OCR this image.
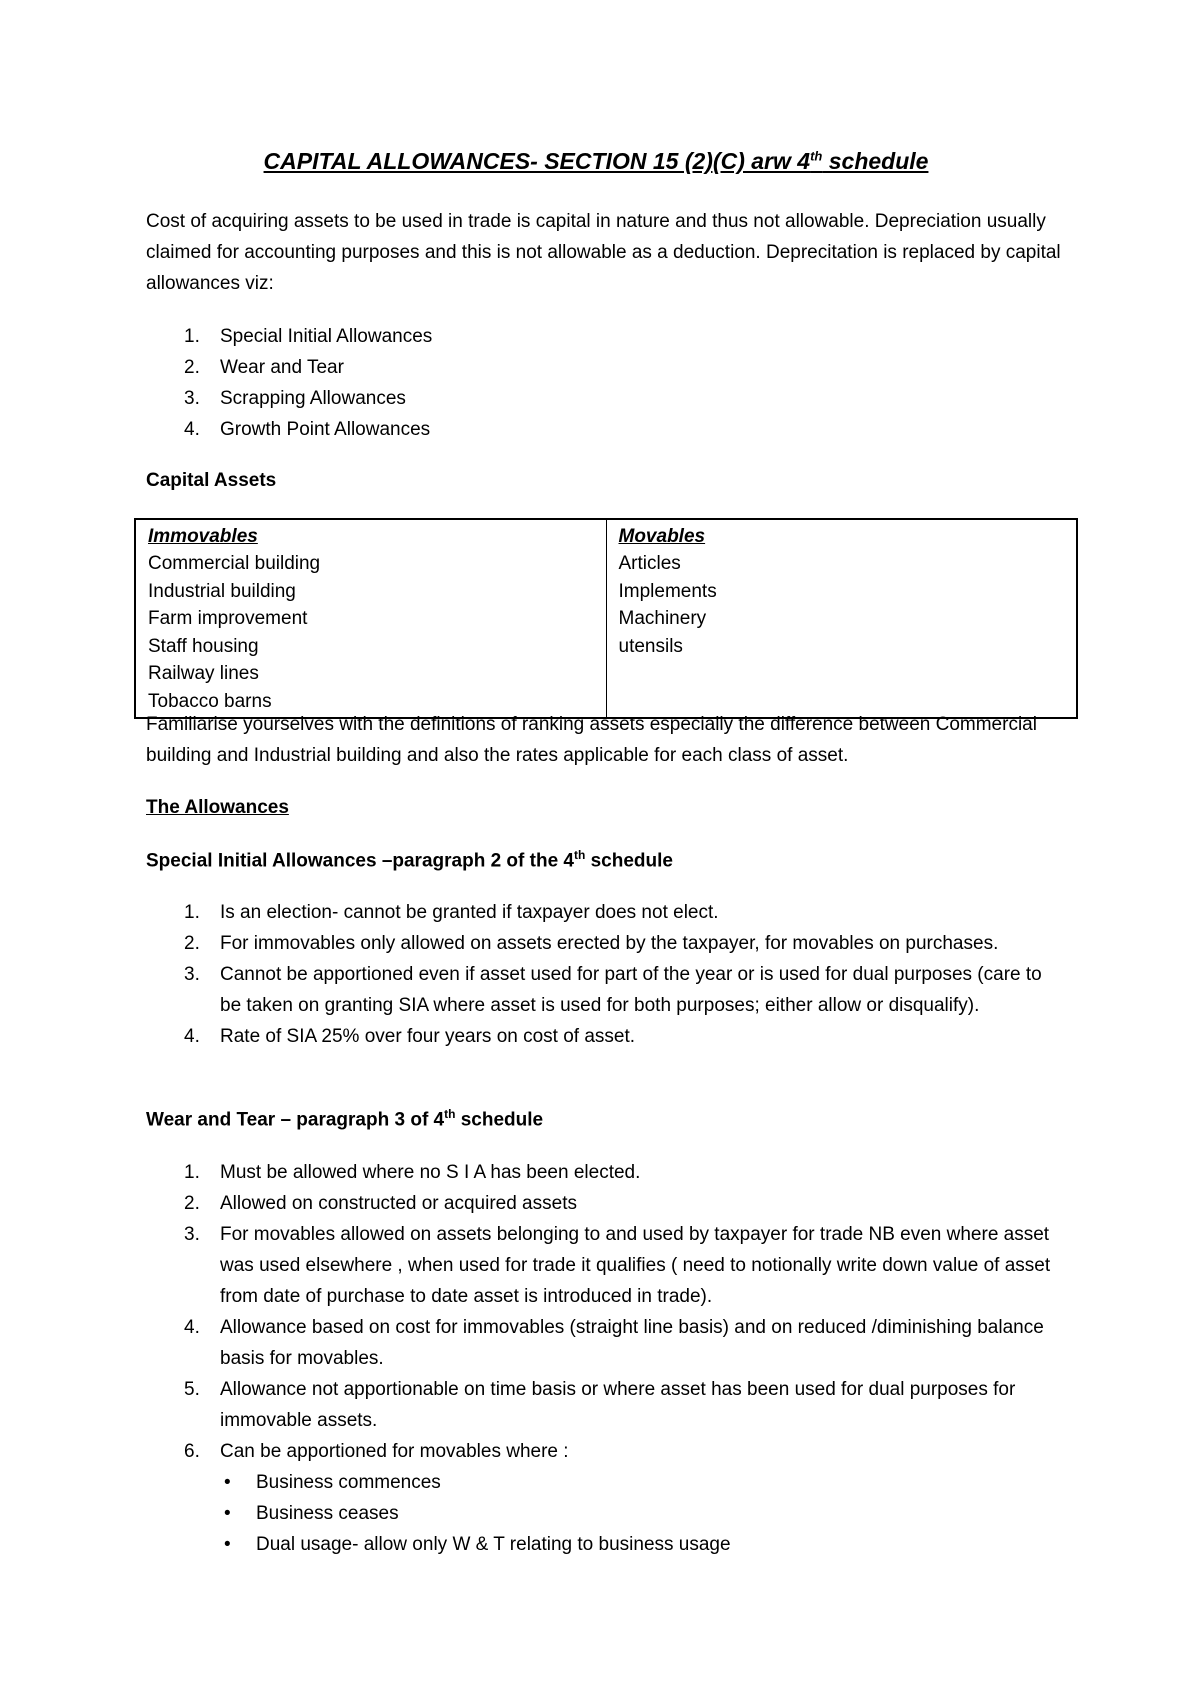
CAPITAL ALLOWANCES- SECTION 15 (2)(C) arw 4th schedule
Cost of acquiring assets to be used in trade is capital in nature and thus not allowable. Depreciation usually claimed for accounting purposes and this is not allowable as a deduction. Deprecitation is replaced by capital allowances viz:
1. Special Initial Allowances
2. Wear and Tear
3. Scrapping Allowances
4. Growth Point Allowances
Capital Assets
Immovables
Commercial building
Industrial building
Farm improvement
Staff housing
Railway lines
Tobacco barns

Movables
Articles
Implements
Machinery
utensils
Familiarise yourselves with the definitions of ranking assets especially the difference between Commercial building and Industrial building and also the rates applicable for each class of asset.
The Allowances
Special Initial Allowances –paragraph 2 of the 4th schedule
1. Is an election- cannot be granted if taxpayer does not elect.
2. For immovables only allowed on assets erected by the taxpayer, for movables on purchases.
3. Cannot be apportioned even if asset used for part of the year or is used for dual purposes (care to be taken on granting SIA where asset is used for both purposes; either allow or disqualify).
4. Rate of SIA 25% over four years on cost of asset.
Wear and Tear – paragraph 3 of 4th schedule
1. Must be allowed where no S I A has been elected.
2. Allowed on constructed or acquired assets
3. For movables allowed on assets belonging to and used by taxpayer for trade NB even where asset was used elsewhere , when used for trade it qualifies ( need to notionally write down value of asset from date of purchase to date asset is introduced in trade).
4. Allowance based on cost for immovables (straight line basis) and on reduced /diminishing balance basis for movables.
5. Allowance not apportionable on time basis or where asset has been used for dual purposes for immovable assets.
6. Can be apportioned for movables where :
• Business commences
• Business ceases
• Dual usage- allow only W & T relating to business usage
